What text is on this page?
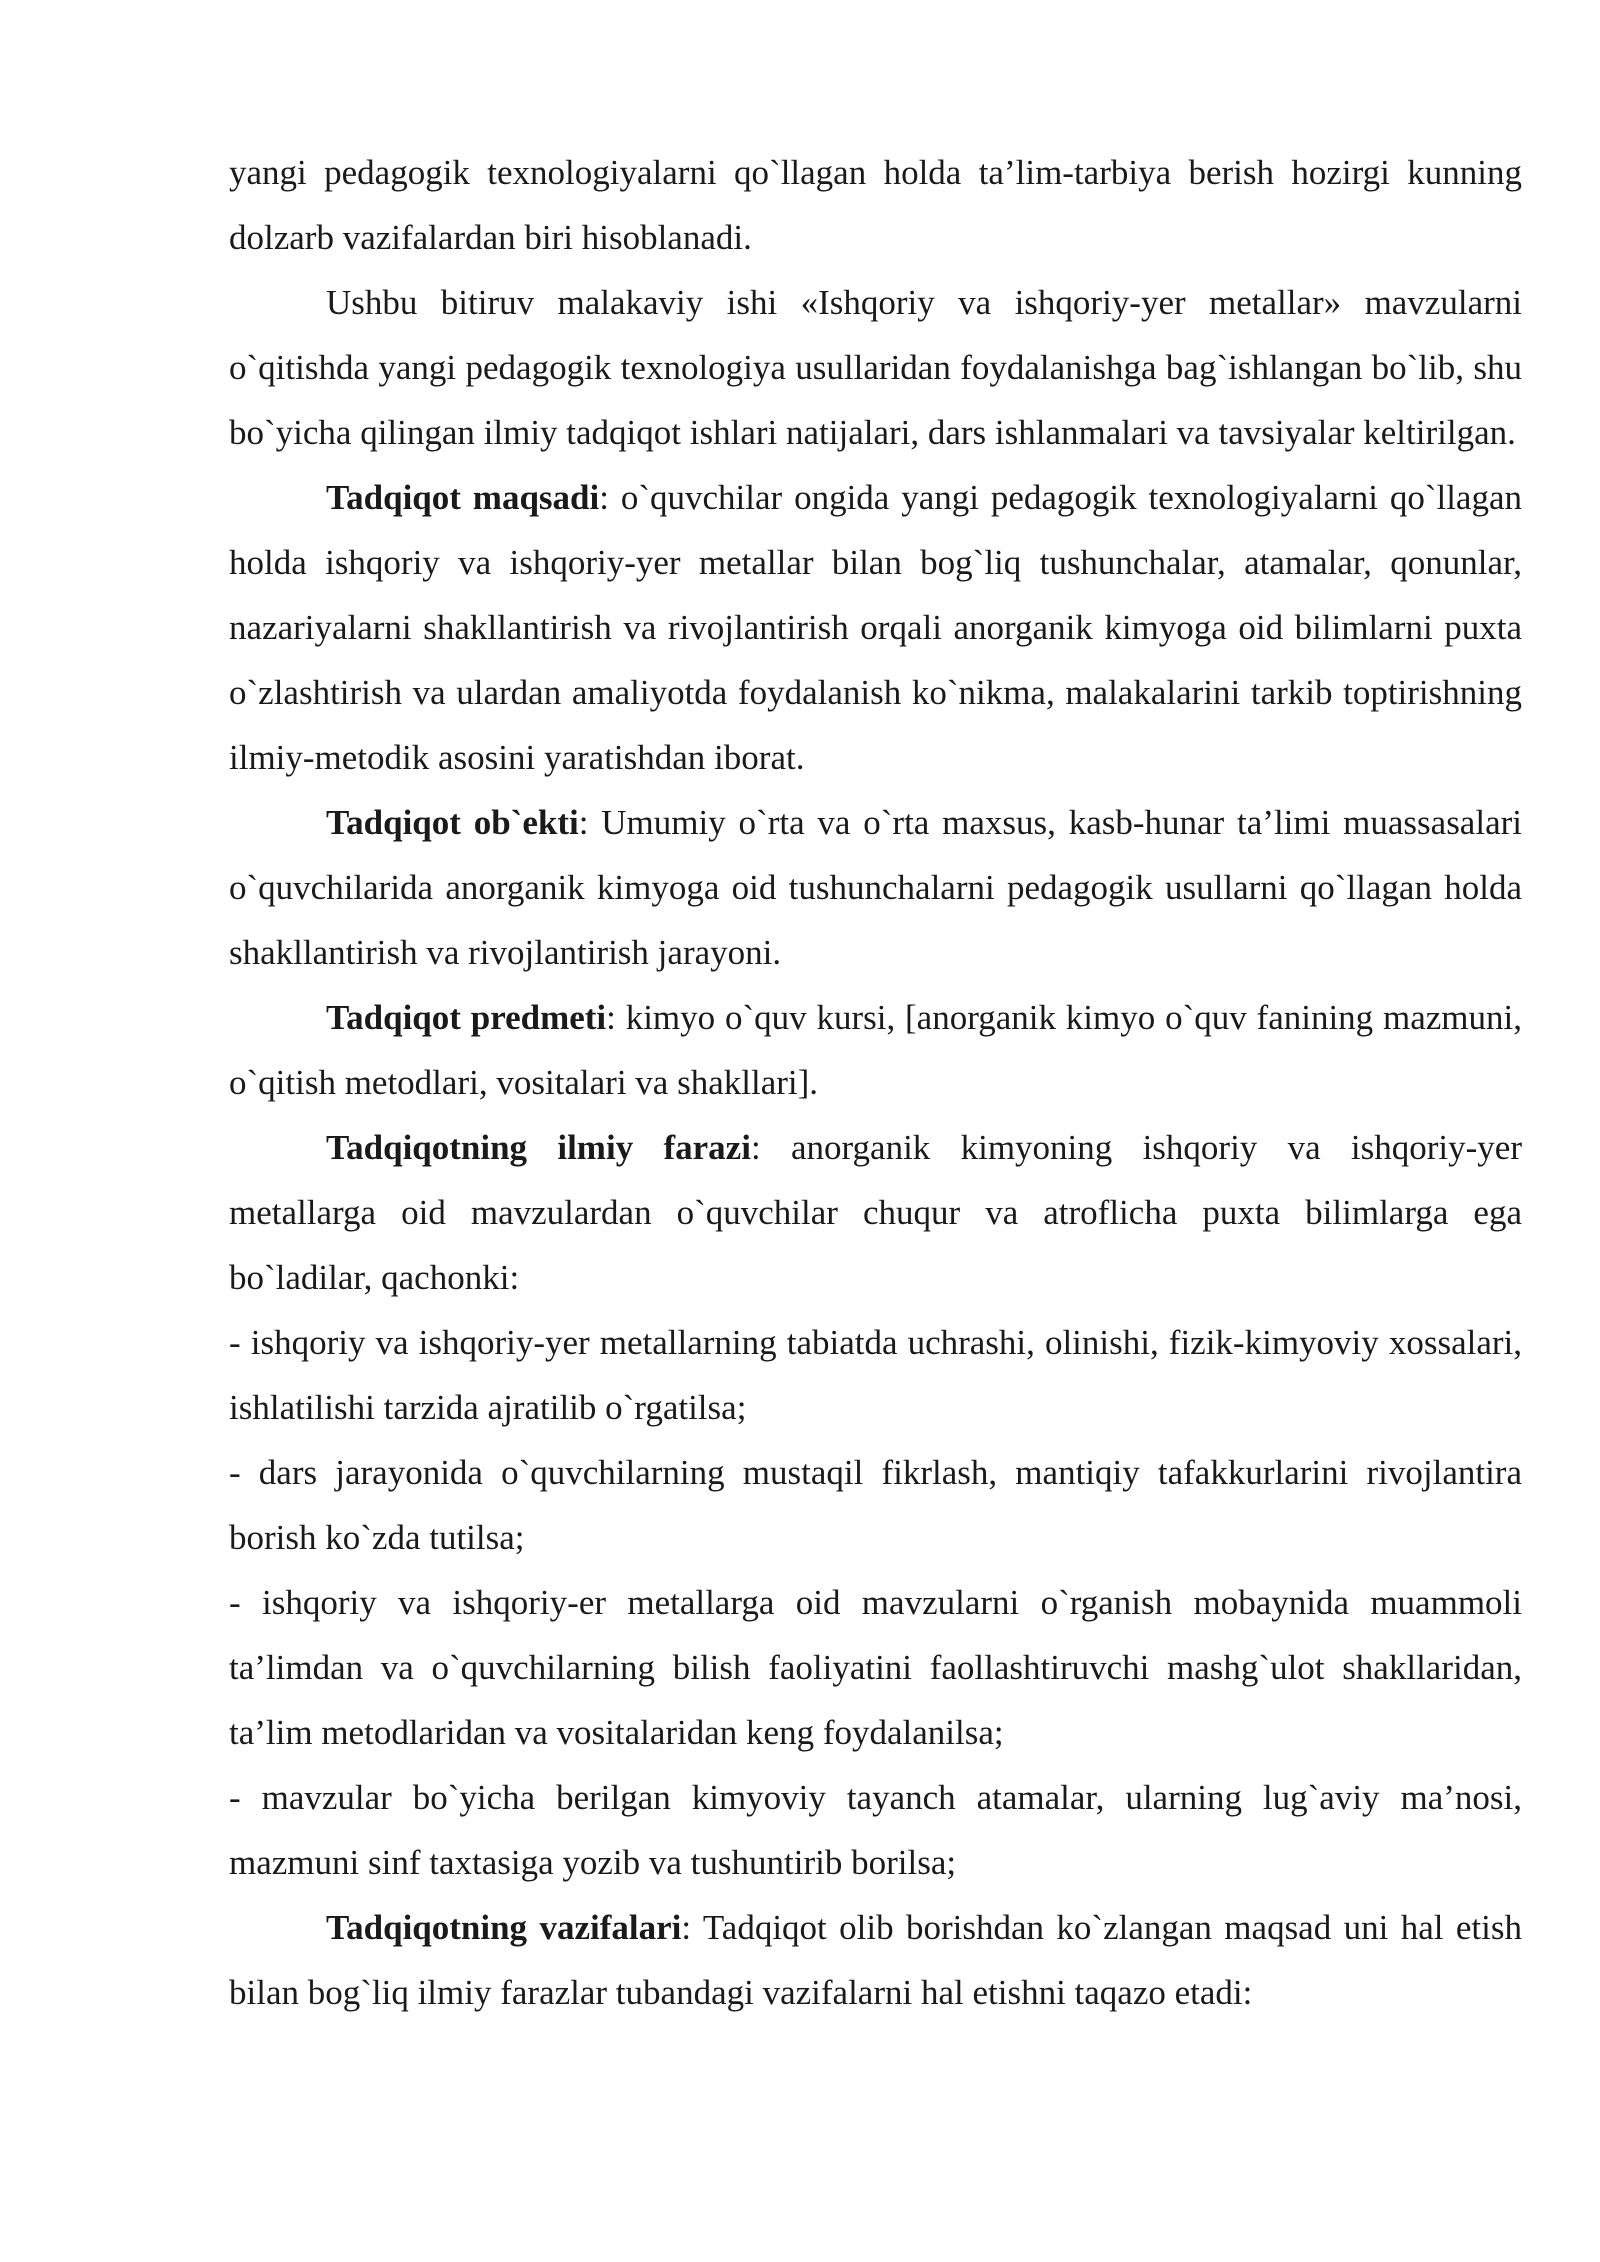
yangi pedagogik texnologiyalarni qo`llagan holda ta’lim-tarbiya berish hozirgi kunning dolzarb vazifalardan biri hisoblanadi.

Ushbu bitiruv malakaviy ishi «Ishqoriy va ishqoriy-yer metallar» mavzularni o`qitishda yangi pedagogik texnologiya usullaridan foydalanishga bag`ishlangan bo`lib, shu bo`yicha qilingan ilmiy tadqiqot ishlari natijalari, dars ishlanmalari va tavsiyalar keltirilgan.

Tadqiqot maqsadi: o`quvchilar ongida yangi pedagogik texnologiyalarni qo`llagan holda ishqoriy va ishqoriy-yer metallar bilan bog`liq tushunchalar, atamalar, qonunlar, nazariyalarni shakllantirish va rivojlantirish orqali anorganik kimyoga oid bilimlarni puxta o`zlashtirish va ulardan amaliyotda foydalanish ko`nikma, malakalarini tarkib toptirishning ilmiy-metodik asosini yaratishdan iborat.

Tadqiqot ob`ekti: Umumiy o`rta va o`rta maxsus, kasb-hunar ta’limi muassasalari o`quvchilarida anorganik kimyoga oid tushunchalarni pedagogik usullarni qo`llagan holda shakllantirish va rivojlantirish jarayoni.

Tadqiqot predmeti: kimyo o`quv kursi, [anorganik kimyo o`quv fanining mazmuni, o`qitish metodlari, vositalari va shakllari].

Tadqiqotning ilmiy farazi: anorganik kimyoning ishqoriy va ishqoriy-yer metallarga oid mavzulardan o`quvchilar chuqur va atroflicha puxta bilimlarga ega bo`ladilar, qachonki:

- ishqoriy va ishqoriy-yer metallarning tabiatda uchrashi, olinishi, fizik-kimyoviy xossalari, ishlatilishi tarzida ajratilib o`rgatilsa;

- dars jarayonida o`quvchilarning mustaqil fikrlash, mantiqiy tafakkurlarini rivojlantira borish ko`zda tutilsa;

- ishqoriy va ishqoriy-er metallarga oid mavzularni o`rganish mobaynida muammoli ta’limdan va o`quvchilarning bilish faoliyatini faollashtiruvchi mashg`ulot shakllaridan, ta’lim metodlaridan va vositalaridan keng foydalanilsa;

- mavzular bo`yicha berilgan kimyoviy tayanch atamalar, ularning lug`aviy ma’nosi, mazmuni sinf taxtasiga yozib va tushuntirib borilsa;

Tadqiqotning vazifalari: Tadqiqot olib borishdan ko`zlangan maqsad uni hal etish bilan bog`liq ilmiy farazlar tubandagi vazifalarni hal etishni taqazo etadi:
